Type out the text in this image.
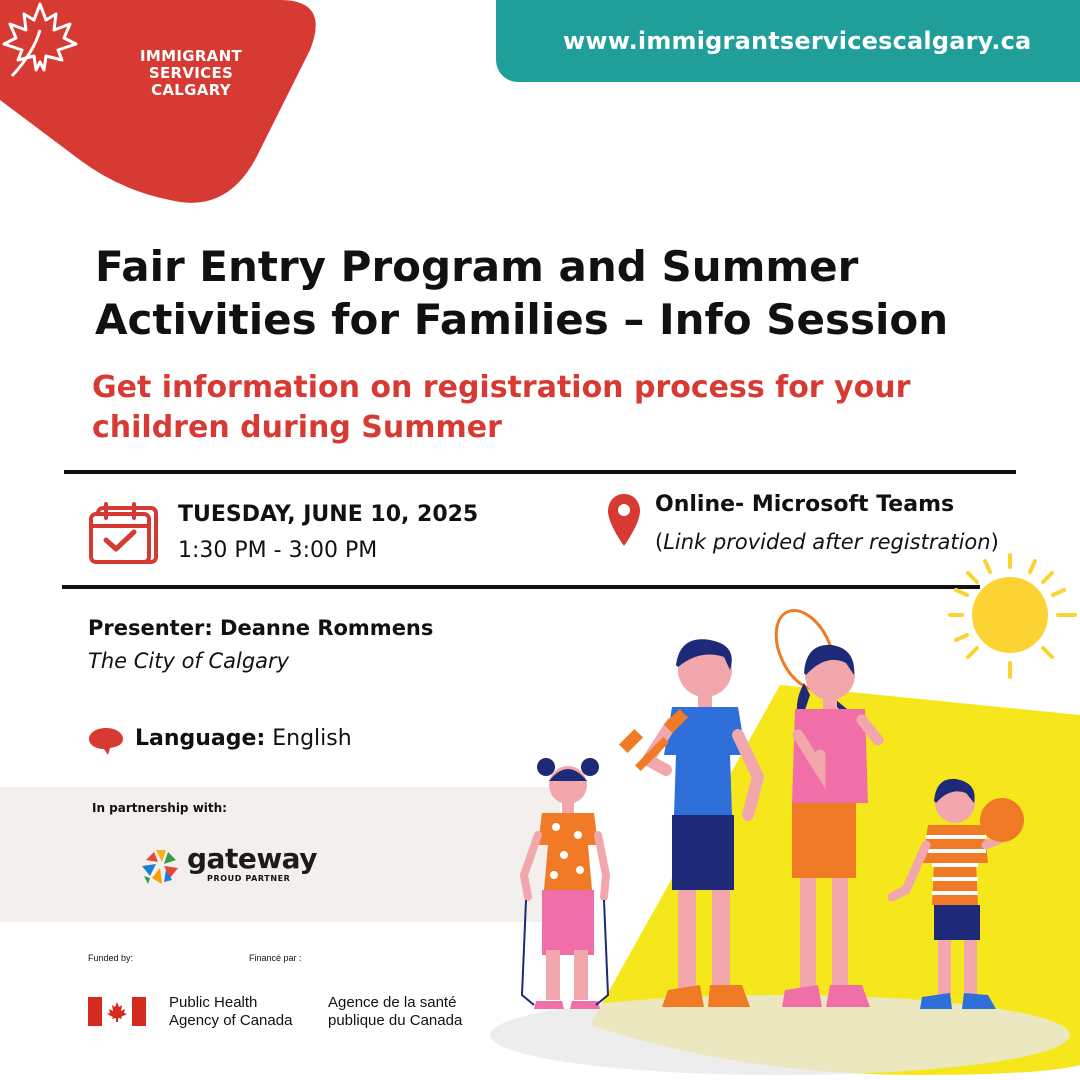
IMMIGRANT
SERVICES
CALGARY
www.immigrantservicescalgary.ca
Fair Entry Program and Summer
Activities for Families – Info Session
Get information on registration process for your
children during Summer
TUESDAY, JUNE 10, 2025
1:30 PM - 3:00 PM
Online- Microsoft Teams
(Link provided after registration)
Presenter: Deanne Rommens
The City of Calgary
Language: English
In partnership with:
gateway
PROUD PARTNER
Funded by:	Financé par :
Public Health
Agency of Canada
Agence de la santé
publique du Canada
